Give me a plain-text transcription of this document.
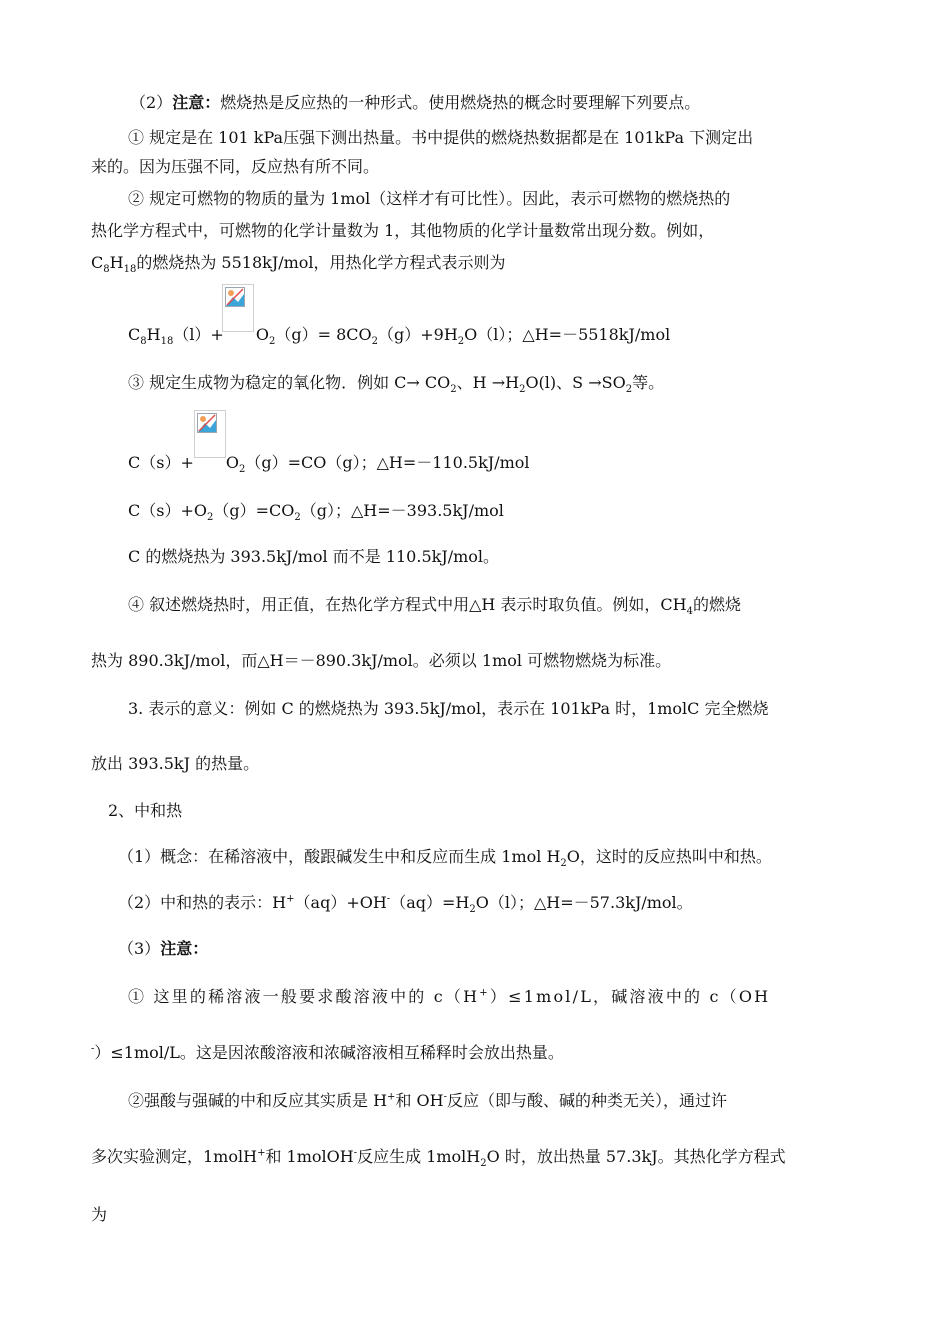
（2）注意：燃烧热是反应热的一种形式。使用燃烧热的概念时要理解下列要点。
① 规定是在 101 kPa压强下测出热量。书中提供的燃烧热数据都是在 101kPa 下测定出
来的。因为压强不同，反应热有所不同。
② 规定可燃物的物质的量为 1mol（这样才有可比性）。因此，表示可燃物的燃烧热的
热化学方程式中，可燃物的化学计量数为 1，其他物质的化学计量数常出现分数。例如，
$C_8H_{18}$的燃烧热为 5518kJ/mol，用热化学方程式表示则为
$C_8H_{18}(l)+ O_2(g)= 8CO_2(g)+9H_2O(l)$；△H=－5518kJ/mol
③ 规定生成物为稳定的氧化物．例如 $C\to CO_2$、$H \to H_2O(l)$、$S \to SO_2$等。
$C(s)+ O_2(g)=CO(g)$；△H=－110.5kJ/mol
$C(s)+O_2(g)=CO_2(g)$；△H=－393.5kJ/mol
C 的燃烧热为 393.5kJ/mol 而不是 110.5kJ/mol。
④ 叙述燃烧热时，用正值，在热化学方程式中用△H 表示时取负值。例如，$CH_4$的燃烧
热为 890.3kJ/mol，而△H＝－890.3kJ/mol。必须以 1mol 可燃物燃烧为标准。
3. 表示的意义：例如 C 的燃烧热为 393.5kJ/mol，表示在 101kPa 时，1molC 完全燃烧
放出 393.5kJ 的热量。
2、中和热
（1）概念：在稀溶液中，酸跟碱发生中和反应而生成 1mol $H_2O$，这时的反应热叫中和热。
（2）中和热的表示：$H^+(aq)+OH^-(aq)=H_2O(l)$；△H=－57.3kJ/mol。
（3）注意：
① 这里的稀溶液一般要求酸溶液中的 c（H+）≤1mol/L，碱溶液中的 c（OH
-）≤1mol/L。这是因浓酸溶液和浓碱溶液相互稀释时会放出热量。
②强酸与强碱的中和反应其实质是 H+和 OH-反应（即与酸、碱的种类无关），通过许
多次实验测定，1molH+和 1molOH-反应生成 1molH$_2$O 时，放出热量 57.3kJ。其热化学方程式
为
